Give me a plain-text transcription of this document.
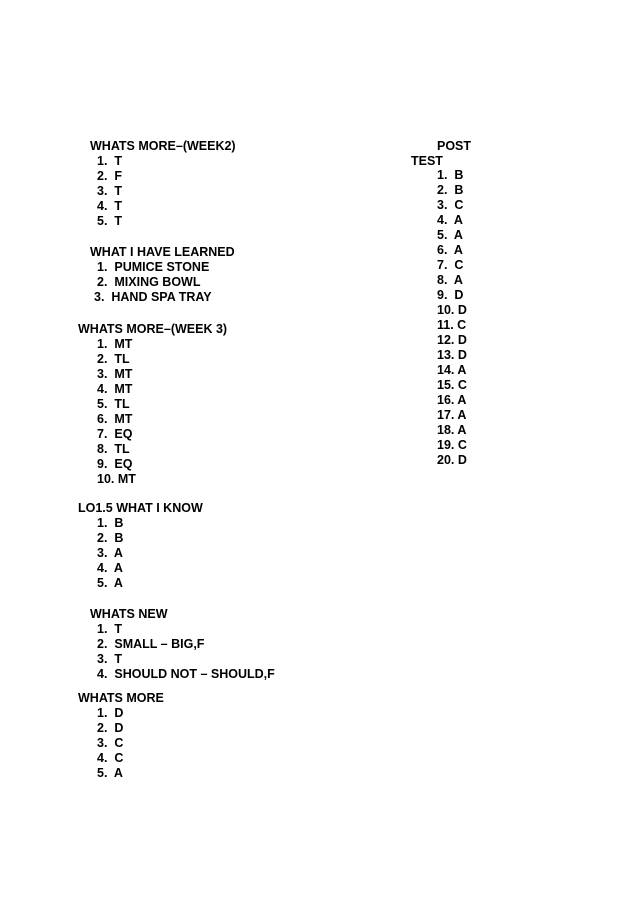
WHATS MORE–(WEEK2)
1.  T
2.  F
3.  T
4.  T
5.  T
WHAT I HAVE LEARNED
1.  PUMICE STONE
2.  MIXING BOWL
3.  HAND SPA TRAY
WHATS MORE–(WEEK 3)
1.  MT
2.  TL
3.  MT
4.  MT
5.  TL
6.  MT
7.  EQ
8.  TL
9.  EQ
10. MT
LO1.5 WHAT I KNOW
1.  B
2.  B
3.  A
4.  A
5.  A
WHATS NEW
1.  T
2.  SMALL – BIG,F
3.  T
4.  SHOULD NOT – SHOULD,F
WHATS MORE
1.  D
2.  D
3.  C
4.  C
5.  A
POST
TEST
1.  B
2.  B
3.  C
4.  A
5.  A
6.  A
7.  C
8.  A
9.  D
10. D
11. C
12. D
13. D
14. A
15. C
16. A
17. A
18. A
19. C
20. D
